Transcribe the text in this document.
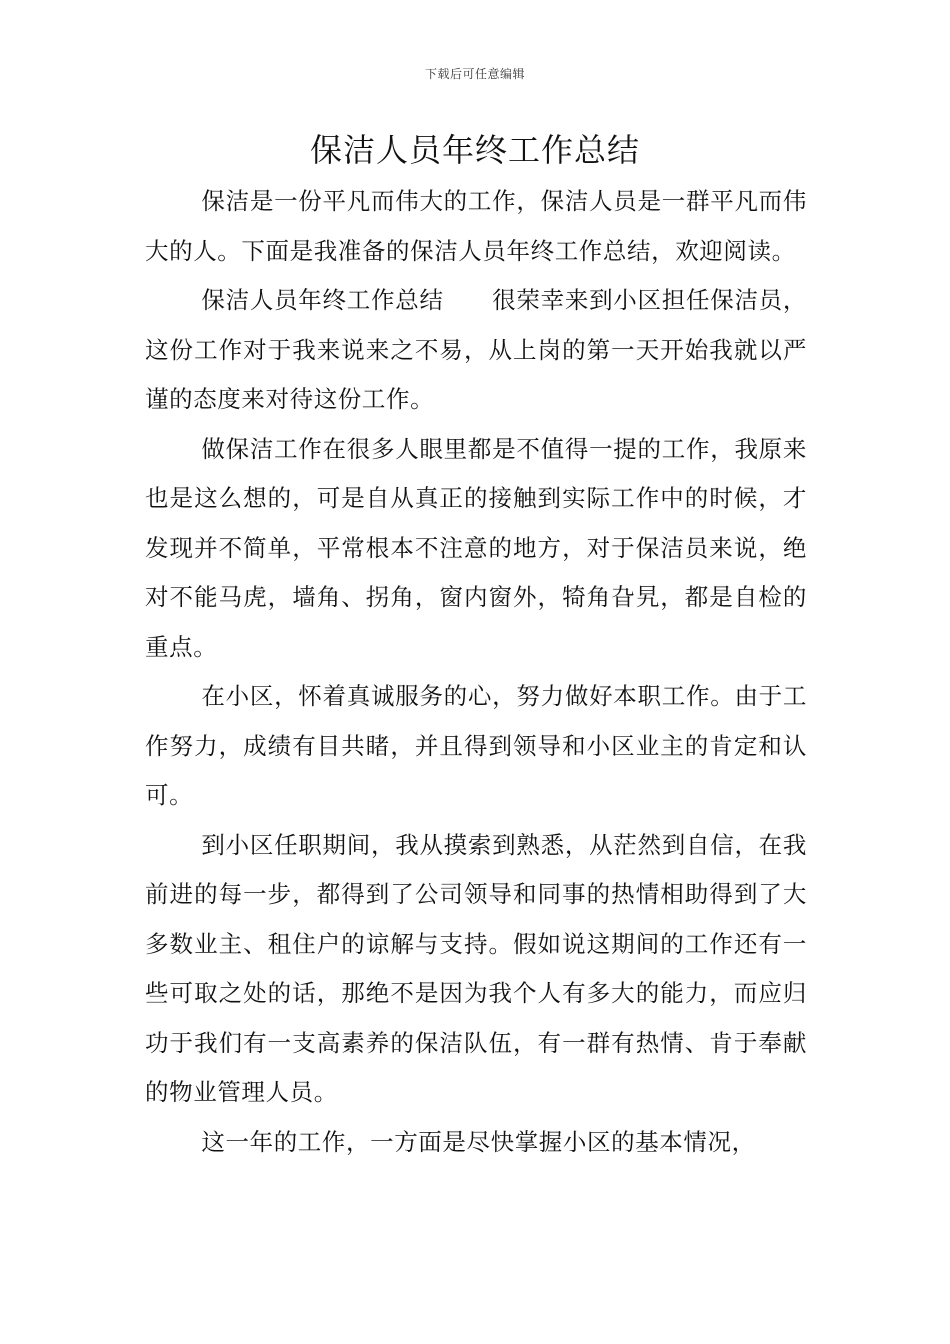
下载后可任意编辑
保洁人员年终工作总结

保洁是一份平凡而伟大的工作，保洁人员是一群平凡而伟大的人。下面是我准备的保洁人员年终工作总结，欢迎阅读。

保洁人员年终工作总结　　很荣幸来到小区担任保洁员，这份工作对于我来说来之不易，从上岗的第一天开始我就以严谨的态度来对待这份工作。

做保洁工作在很多人眼里都是不值得一提的工作，我原来也是这么想的，可是自从真正的接触到实际工作中的时候，才发现并不简单，平常根本不注意的地方，对于保洁员来说，绝对不能马虎，墙角、拐角，窗内窗外，犄角旮旯，都是自检的重点。

在小区，怀着真诚服务的心，努力做好本职工作。由于工作努力，成绩有目共睹，并且得到领导和小区业主的肯定和认可。

到小区任职期间，我从摸索到熟悉，从茫然到自信，在我前进的每一步，都得到了公司领导和同事的热情相助得到了大多数业主、租住户的谅解与支持。假如说这期间的工作还有一些可取之处的话，那绝不是因为我个人有多大的能力，而应归功于我们有一支高素养的保洁队伍，有一群有热情、肯于奉献的物业管理人员。

这一年的工作，一方面是尽快掌握小区的基本情况，
